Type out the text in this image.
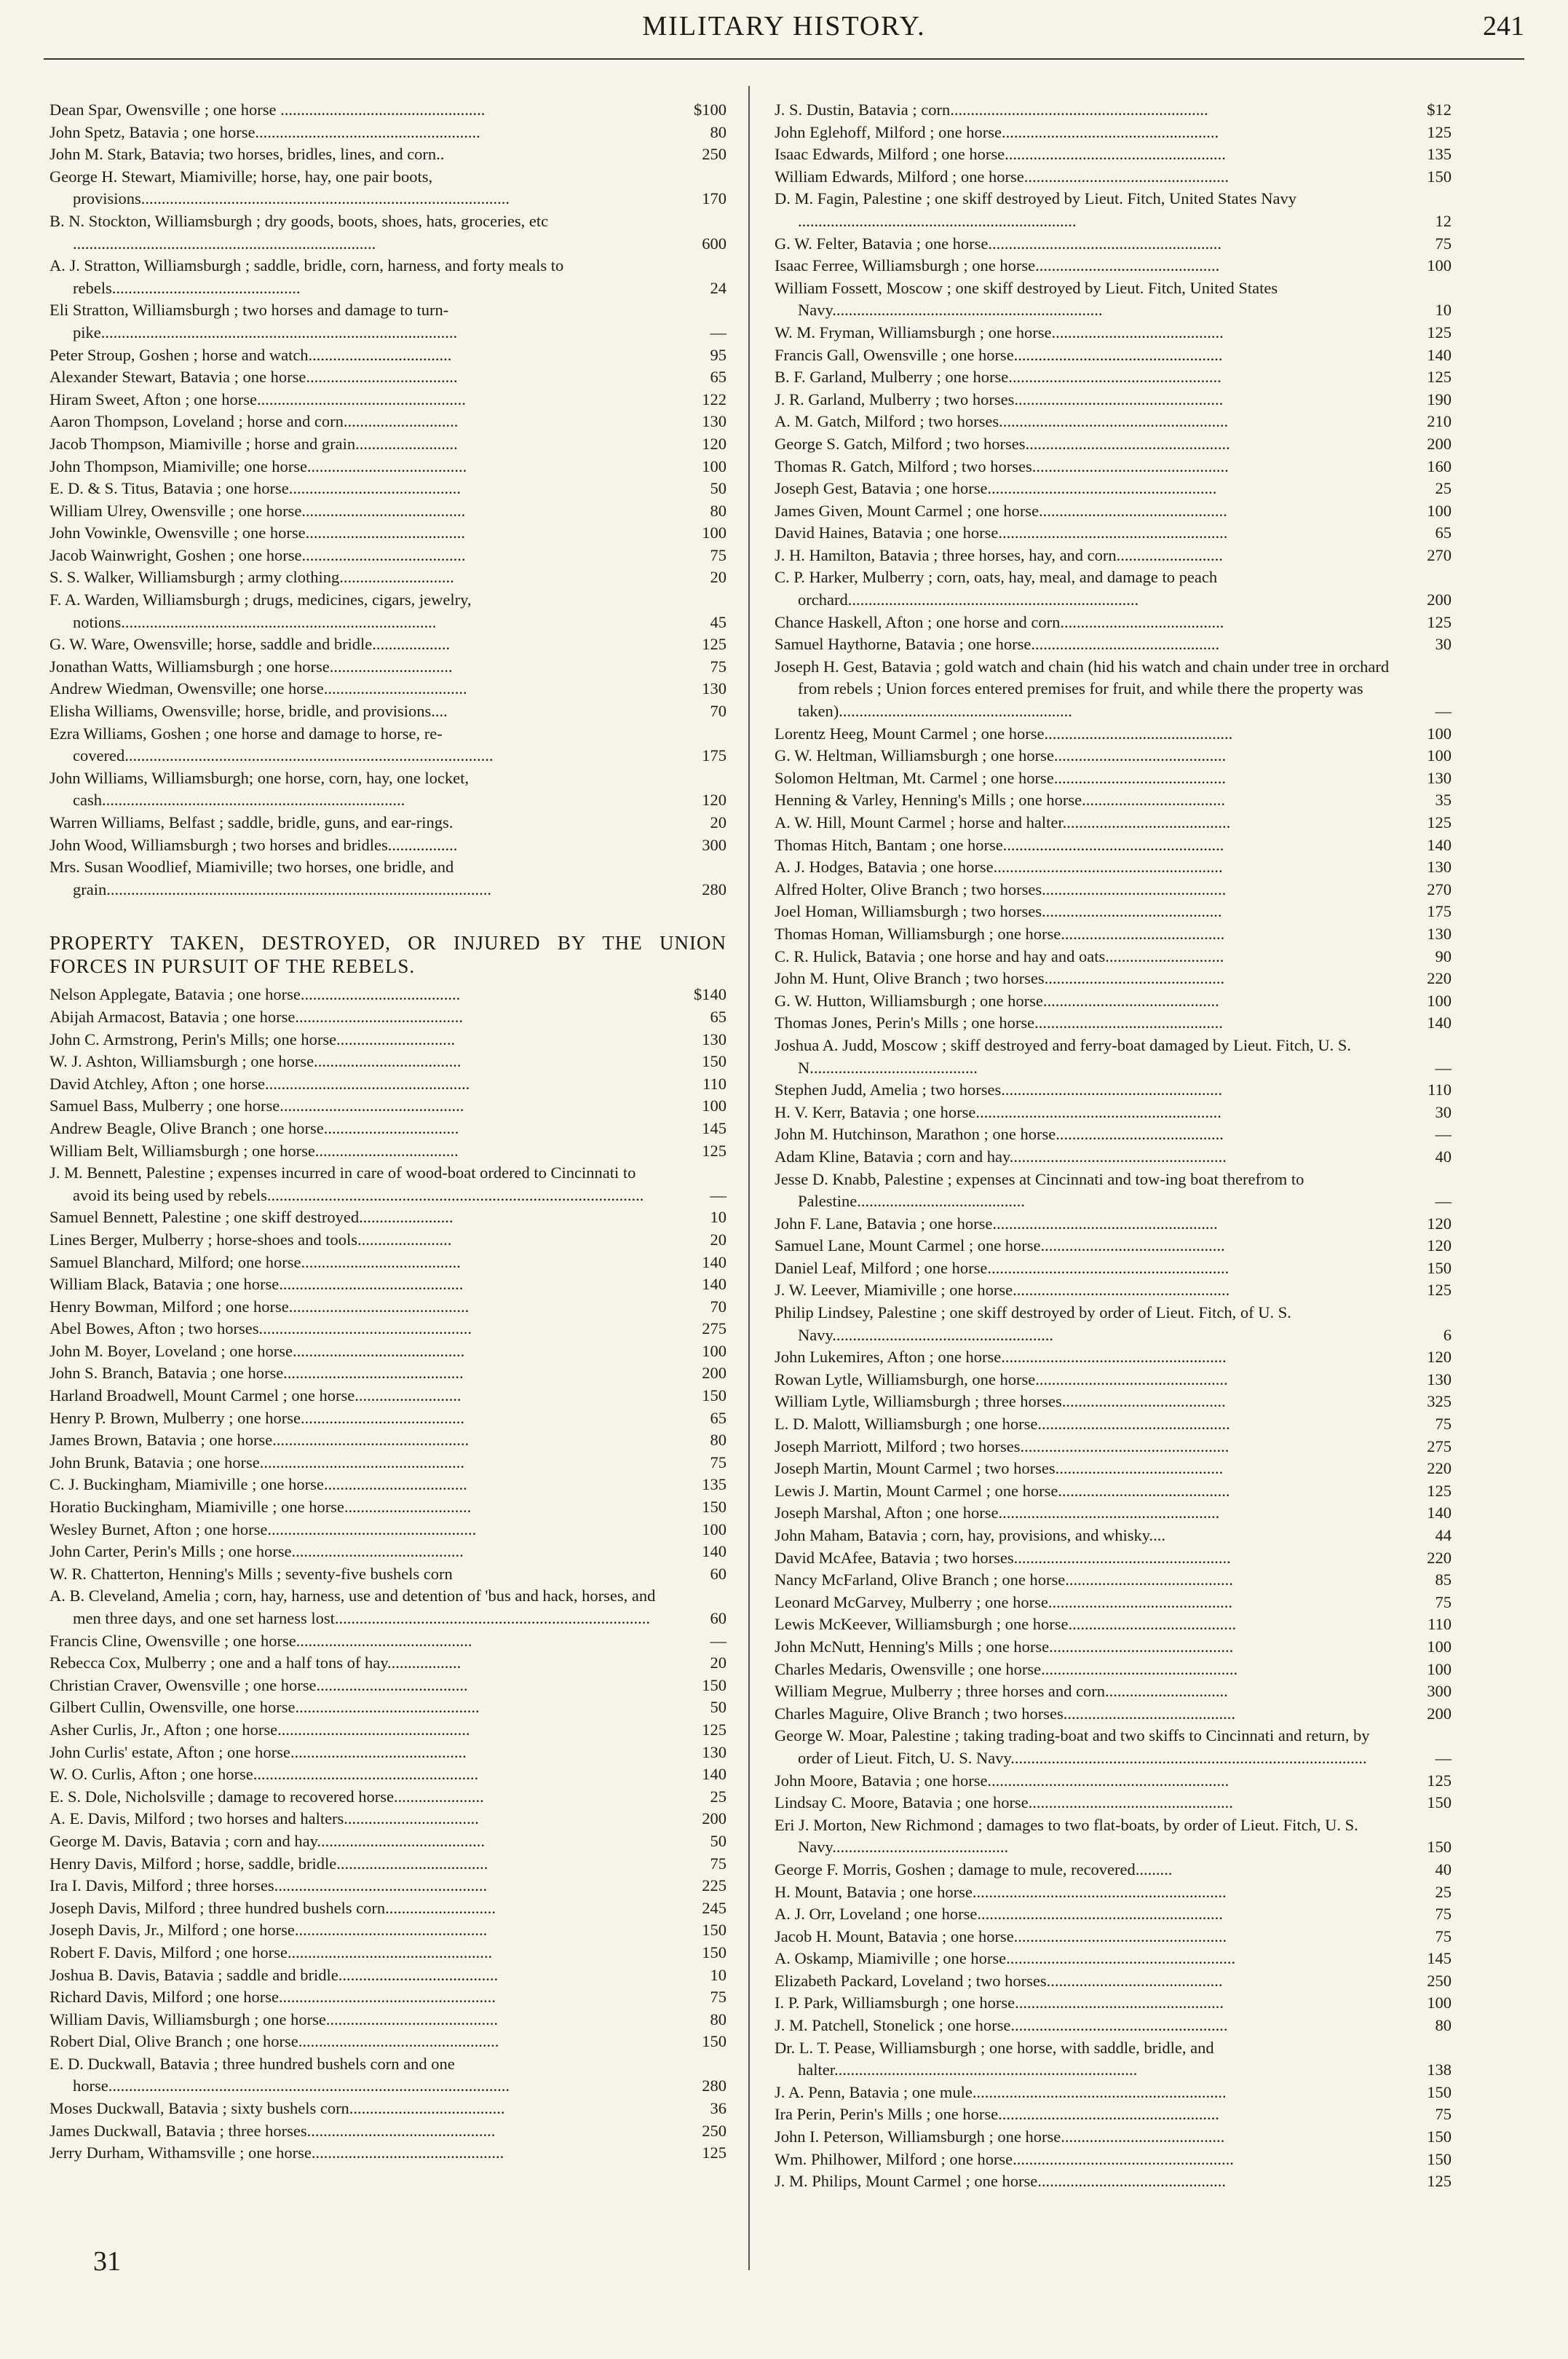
MILITARY HISTORY.	241
Dean Spar, Owensville ; one horse ..................................................	$100
John Spetz, Batavia ; one horse.......................................................	80
John M. Stark, Batavia; two horses, bridles, lines, and corn..	250
George H. Stewart, Miamiville; horse, hay, one pair boots, provisions..........................................................................................	170
B. N. Stockton, Williamsburgh ; dry goods, boots, shoes, hats, groceries, etc ..........................................................................	600
A. J. Stratton, Williamsburgh ; saddle, bridle, corn, harness, and forty meals to rebels..............................................	24
Eli Stratton, Williamsburgh ; two horses and damage to turn-pike.......................................................................................	—
Peter Stroup, Goshen ; horse and watch...................................	95
Alexander Stewart, Batavia ; one horse.....................................	65
Hiram Sweet, Afton ; one horse...................................................	122
Aaron Thompson, Loveland ; horse and corn............................	130
Jacob Thompson, Miamiville ; horse and grain.........................	120
John Thompson, Miamiville; one horse.......................................	100
E. D. & S. Titus, Batavia ; one horse..........................................	50
William Ulrey, Owensville ; one horse........................................	80
John Vowinkle, Owensville ; one horse.......................................	100
Jacob Wainwright, Goshen ; one horse........................................	75
S. S. Walker, Williamsburgh ; army clothing............................	20
F. A. Warden, Williamsburgh ; drugs, medicines, cigars, jewelry, notions.............................................................................	45
G. W. Ware, Owensville; horse, saddle and bridle...................	125
Jonathan Watts, Williamsburgh ; one horse..............................	75
Andrew Wiedman, Owensville; one horse...................................	130
Elisha Williams, Owensville; horse, bridle, and provisions....	70
Ezra Williams, Goshen ; one horse and damage to horse, re-covered..........................................................................................	175
John Williams, Williamsburgh; one horse, corn, hay, one locket, cash..........................................................................	120
Warren Williams, Belfast ; saddle, bridle, guns, and ear-rings.	20
John Wood, Williamsburgh ; two horses and bridles.................	300
Mrs. Susan Woodlief, Miamiville; two horses, one bridle, and grain..............................................................................................	280
PROPERTY TAKEN, DESTROYED, OR INJURED BY THE UNION FORCES IN PURSUIT OF THE REBELS.
Nelson Applegate, Batavia ; one horse.......................................	$140
Abijah Armacost, Batavia ; one horse.........................................	65
John C. Armstrong, Perin's Mills; one horse.............................	130
W. J. Ashton, Williamsburgh ; one horse....................................	150
David Atchley, Afton ; one horse..................................................	110
Samuel Bass, Mulberry ; one horse.............................................	100
Andrew Beagle, Olive Branch ; one horse.................................	145
William Belt, Williamsburgh ; one horse...................................	125
J. M. Bennett, Palestine ; expenses incurred in care of wood-boat ordered to Cincinnati to avoid its being used by rebels............................................................................................	—
Samuel Bennett, Palestine ; one skiff destroyed.......................	10
Lines Berger, Mulberry ; horse-shoes and tools.......................	20
Samuel Blanchard, Milford; one horse.......................................	140
William Black, Batavia ; one horse.............................................	140
Henry Bowman, Milford ; one horse............................................	70
Abel Bowes, Afton ; two horses....................................................	275
John M. Boyer, Loveland ; one horse..........................................	100
John S. Branch, Batavia ; one horse............................................	200
Harland Broadwell, Mount Carmel ; one horse..........................	150
Henry P. Brown, Mulberry ; one horse........................................	65
James Brown, Batavia ; one horse................................................	80
John Brunk, Batavia ; one horse..................................................	75
C. J. Buckingham, Miamiville ; one horse...................................	135
Horatio Buckingham, Miamiville ; one horse...............................	150
Wesley Burnet, Afton ; one horse...................................................	100
John Carter, Perin's Mills ; one horse..........................................	140
W. R. Chatterton, Henning's Mills ; seventy-five bushels corn	60
A. B. Cleveland, Amelia ; corn, hay, harness, use and detention of 'bus and hack, horses, and men three days, and one set harness lost.............................................................................	60
Francis Cline, Owensville ; one horse...........................................	—
Rebecca Cox, Mulberry ; one and a half tons of hay..................	20
Christian Craver, Owensville ; one horse.....................................	150
Gilbert Cullin, Owensville, one horse.............................................	50
Asher Curlis, Jr., Afton ; one horse...............................................	125
John Curlis' estate, Afton ; one horse...........................................	130
W. O. Curlis, Afton ; one horse.......................................................	140
E. S. Dole, Nicholsville ; damage to recovered horse......................	25
A. E. Davis, Milford ; two horses and halters.................................	200
George M. Davis, Batavia ; corn and hay.........................................	50
Henry Davis, Milford ; horse, saddle, bridle.....................................	75
Ira I. Davis, Milford ; three horses....................................................	225
Joseph Davis, Milford ; three hundred bushels corn...........................	245
Joseph Davis, Jr., Milford ; one horse...............................................	150
Robert F. Davis, Milford ; one horse..................................................	150
Joshua B. Davis, Batavia ; saddle and bridle.......................................	10
Richard Davis, Milford ; one horse.....................................................	75
William Davis, Williamsburgh ; one horse..........................................	80
Robert Dial, Olive Branch ; one horse.................................................	150
E. D. Duckwall, Batavia ; three hundred bushels corn and one horse..................................................................................................	280
Moses Duckwall, Batavia ; sixty bushels corn......................................	36
James Duckwall, Batavia ; three horses..............................................	250
Jerry Durham, Withamsville ; one horse...............................................	125
J. S. Dustin, Batavia ; corn...............................................................	$12
John Eglehoff, Milford ; one horse.....................................................	125
Isaac Edwards, Milford ; one horse......................................................	135
William Edwards, Milford ; one horse..................................................	150
D. M. Fagin, Palestine ; one skiff destroyed by Lieut. Fitch, United States Navy ....................................................................	12
G. W. Felter, Batavia ; one horse.........................................................	75
Isaac Ferree, Williamsburgh ; one horse.............................................	100
William Fossett, Moscow ; one skiff destroyed by Lieut. Fitch, United States Navy..................................................................	10
W. M. Fryman, Williamsburgh ; one horse..........................................	125
Francis Gall, Owensville ; one horse...................................................	140
B. F. Garland, Mulberry ; one horse....................................................	125
J. R. Garland, Mulberry ; two horses...................................................	190
A. M. Gatch, Milford ; two horses........................................................	210
George S. Gatch, Milford ; two horses..................................................	200
Thomas R. Gatch, Milford ; two horses................................................	160
Joseph Gest, Batavia ; one horse........................................................	25
James Given, Mount Carmel ; one horse..............................................	100
David Haines, Batavia ; one horse........................................................	65
J. H. Hamilton, Batavia ; three horses, hay, and corn..........................	270
C. P. Harker, Mulberry ; corn, oats, hay, meal, and damage to peach orchard.......................................................................	200
Chance Haskell, Afton ; one horse and corn........................................	125
Samuel Haythorne, Batavia ; one horse..............................................	30
Joseph H. Gest, Batavia ; gold watch and chain (hid his watch and chain under tree in orchard from rebels ; Union forces entered premises for fruit, and while there the property was taken).........................................................	—
Lorentz Heeg, Mount Carmel ; one horse..............................................	100
G. W. Heltman, Williamsburgh ; one horse..........................................	100
Solomon Heltman, Mt. Carmel ; one horse..........................................	130
Henning & Varley, Henning's Mills ; one horse...................................	35
A. W. Hill, Mount Carmel ; horse and halter.........................................	125
Thomas Hitch, Bantam ; one horse......................................................	140
A. J. Hodges, Batavia ; one horse........................................................	130
Alfred Holter, Olive Branch ; two horses.............................................	270
Joel Homan, Williamsburgh ; two horses............................................	175
Thomas Homan, Williamsburgh ; one horse........................................	130
C. R. Hulick, Batavia ; one horse and hay and oats.............................	90
John M. Hunt, Olive Branch ; two horses............................................	220
G. W. Hutton, Williamsburgh ; one horse...........................................	100
Thomas Jones, Perin's Mills ; one horse..............................................	140
Joshua A. Judd, Moscow ; skiff destroyed and ferry-boat damaged by Lieut. Fitch, U. S. N.........................................	—
Stephen Judd, Amelia ; two horses......................................................	110
H. V. Kerr, Batavia ; one horse............................................................	30
John M. Hutchinson, Marathon ; one horse.........................................	—
Adam Kline, Batavia ; corn and hay.....................................................	40
Jesse D. Knabb, Palestine ; expenses at Cincinnati and tow-ing boat therefrom to Palestine.........................................	—
John F. Lane, Batavia ; one horse.......................................................	120
Samuel Lane, Mount Carmel ; one horse.............................................	120
Daniel Leaf, Milford ; one horse...........................................................	150
J. W. Leever, Miamiville ; one horse.....................................................	125
Philip Lindsey, Palestine ; one skiff destroyed by order of Lieut. Fitch, of U. S. Navy......................................................	6
John Lukemires, Afton ; one horse.......................................................	120
Rowan Lytle, Williamsburgh, one horse...............................................	130
William Lytle, Williamsburgh ; three horses........................................	325
L. D. Malott, Williamsburgh ; one horse...............................................	75
Joseph Marriott, Milford ; two horses...................................................	275
Joseph Martin, Mount Carmel ; two horses.........................................	220
Lewis J. Martin, Mount Carmel ; one horse..........................................	125
Joseph Marshal, Afton ; one horse......................................................	140
John Maham, Batavia ; corn, hay, provisions, and whisky....	44
David McAfee, Batavia ; two horses.....................................................	220
Nancy McFarland, Olive Branch ; one horse.........................................	85
Leonard McGarvey, Mulberry ; one horse.............................................	75
Lewis McKeever, Williamsburgh ; one horse.........................................	110
John McNutt, Henning's Mills ; one horse.............................................	100
Charles Medaris, Owensville ; one horse................................................	100
William Megrue, Mulberry ; three horses and corn..............................	300
Charles Maguire, Olive Branch ; two horses..........................................	200
George W. Moar, Palestine ; taking trading-boat and two skiffs to Cincinnati and return, by order of Lieut. Fitch, U. S. Navy.......................................................................................	—
John Moore, Batavia ; one horse...........................................................	125
Lindsay C. Moore, Batavia ; one horse..................................................	150
Eri J. Morton, New Richmond ; damages to two flat-boats, by order of Lieut. Fitch, U. S. Navy...........................................	150
George F. Morris, Goshen ; damage to mule, recovered.........	40
H. Mount, Batavia ; one horse..............................................................	25
A. J. Orr, Loveland ; one horse............................................................	75
Jacob H. Mount, Batavia ; one horse....................................................	75
A. Oskamp, Miamiville ; one horse........................................................	145
Elizabeth Packard, Loveland ; two horses...........................................	250
I. P. Park, Williamsburgh ; one horse...................................................	100
J. M. Patchell, Stonelick ; one horse.....................................................	80
Dr. L. T. Pease, Williamsburgh ; one horse, with saddle, bridle, and halter..........................................................................	138
J. A. Penn, Batavia ; one mule..............................................................	150
Ira Perin, Perin's Mills ; one horse......................................................	75
John I. Peterson, Williamsburgh ; one horse........................................	150
Wm. Philhower, Milford ; one horse......................................................	150
J. M. Philips, Mount Carmel ; one horse..............................................	125
31
